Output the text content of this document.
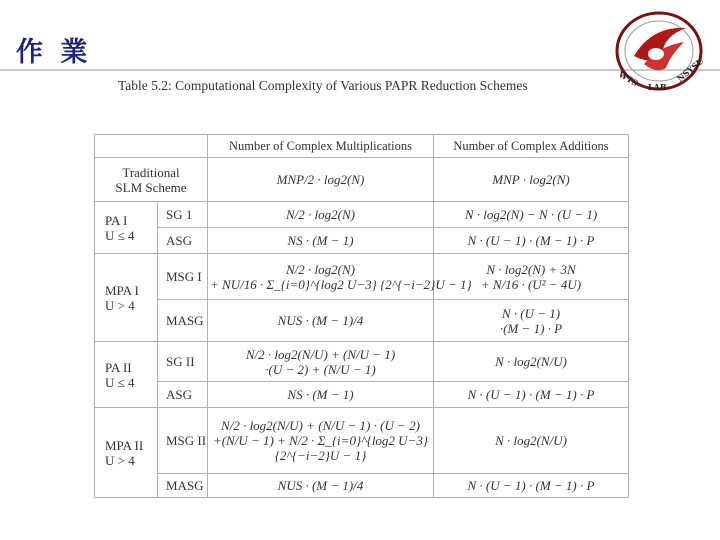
作 業
WTS LAB
NSYSU
Table 5.2: Computational Complexity of Various PAPR Reduction Schemes
		Number of Complex Multiplications	Number of Complex Additions

Traditional
SLM Scheme		MNP/2 · log2(N)	MNP · log2(N)

PA I
U ≤ 4	SG 1	N/2 · log2(N)	N · log2(N) − N · (U − 1)
	ASG	NS · (M − 1)	N · (U − 1) · (M − 1) · P

MPA I
U > 4	MSG I	N/2 · log2(N)
+ NU/16 · Σ_{i=0}^{log2 U−3} {2^{−i−2}U − 1}	N · log2(N) + 3N
+ N/16 · (U² − 4U)

	MASG	NUS · (M − 1)/4	N · (U − 1)
·(M − 1) · P

PA II
U ≤ 4	SG II	N/2 · log2(N/U) + (N/U − 1)
·(U − 2) + (N/U − 1)	N · log2(N/U)
	ASG	NS · (M − 1)	N · (U − 1) · (M − 1) · P

MPA II
U > 4	MSG II	N/2 · log2(N/U) + (N/U − 1) · (U − 2)
+(N/U − 1) + N/2 · Σ_{i=0}^{log2 U−3}
{2^{−i−2}U − 1}	N · log2(N/U)
	MASG	NUS · (M − 1)/4	N · (U − 1) · (M − 1) · P
